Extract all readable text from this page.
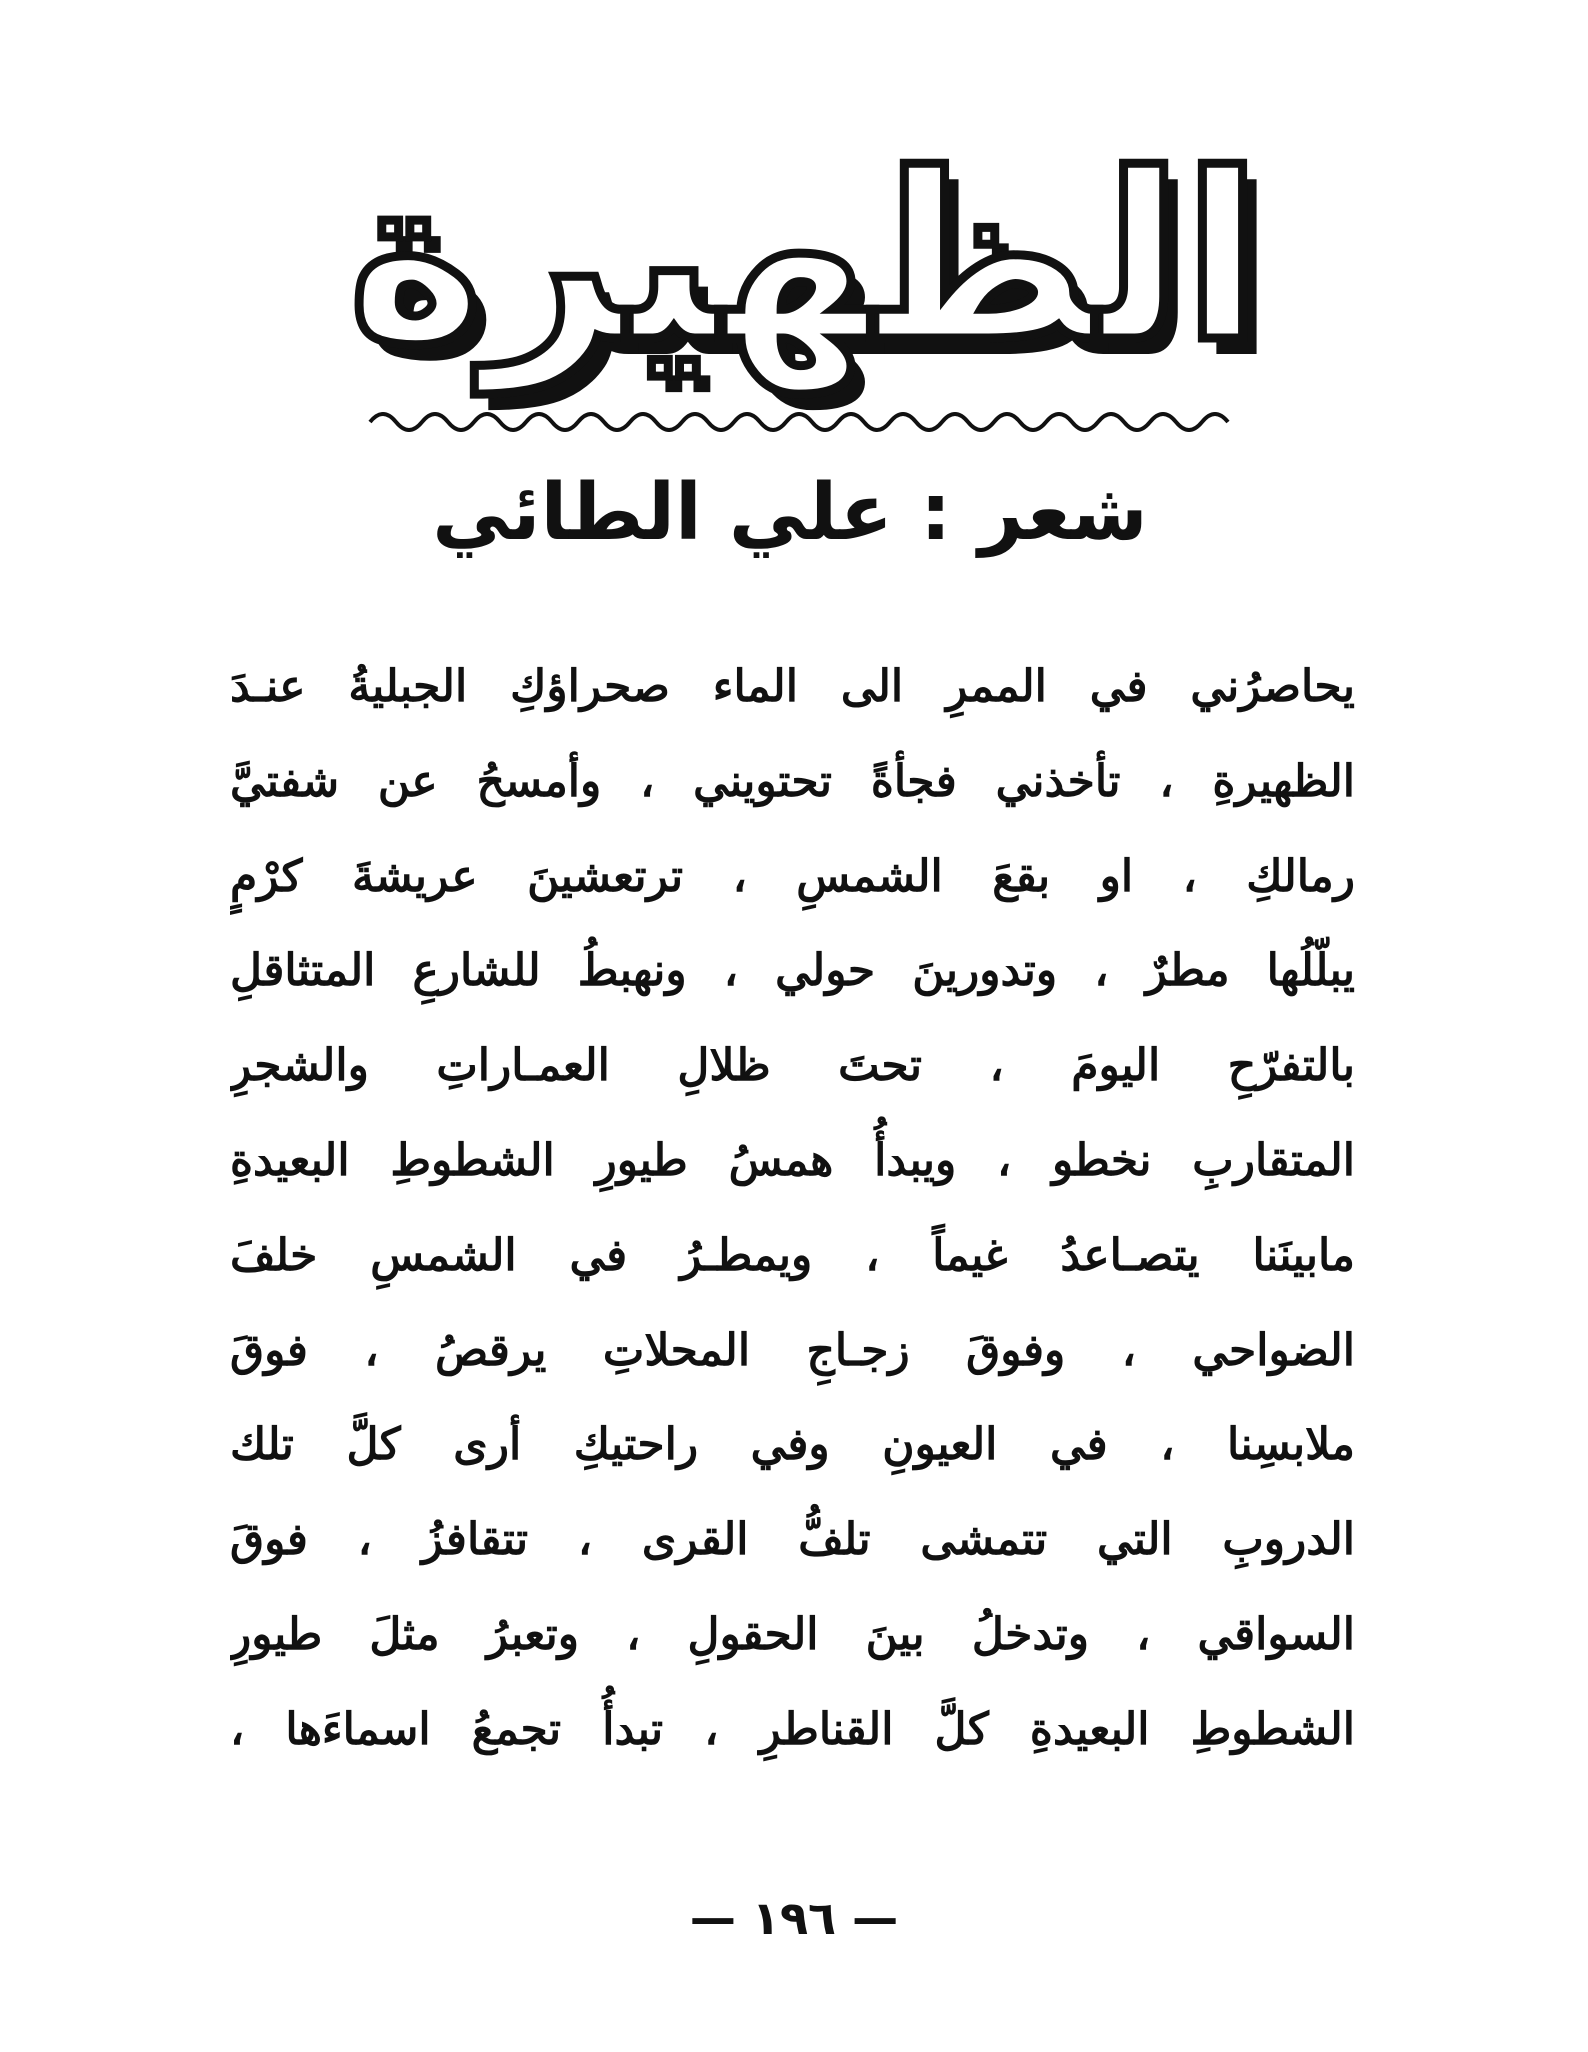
الظهيرة
شعر : علي الطائي
يحاصرُني في الممرِ الى الماء صحراؤكِ الجبليةُ عنـدَ
الظهيرةِ ، تأخذني فجأةً تحتويني ، وأمسحُ عن شفتيَّ
رمالكِ ، او بقعَ الشمسِ ، ترتعشينَ عريشةَ كرْمٍ
يبلّلُها مطرٌ ، وتدورينَ حولي ، ونهبطُ للشارعِ المتثاقلِ
بالتفرّحِ اليومَ ، تحتَ ظلالِ العمـاراتِ والشجرِ
المتقاربِ نخطو ، ويبدأُ همسُ طيورِ الشطوطِ البعيدةِ
مابينَنا يتصـاعدُ غيماً ، ويمطـرُ في الشمسِ خلفَ
الضواحي ، وفوقَ زجـاجِ المحلاتِ يرقصُ ، فوقَ
ملابسِنا ، في العيونِ وفي راحتيكِ أرى كلَّ تلك
الدروبِ التي تتمشى تلفُّ القرى ، تتقافزُ ، فوقَ
السواقي ، وتدخلُ بينَ الحقولِ ، وتعبرُ مثلَ طيورِ
الشطوطِ البعيدةِ كلَّ القناطرِ ، تبدأُ تجمعُ اسماءَها ،
— ١٩٦ —
